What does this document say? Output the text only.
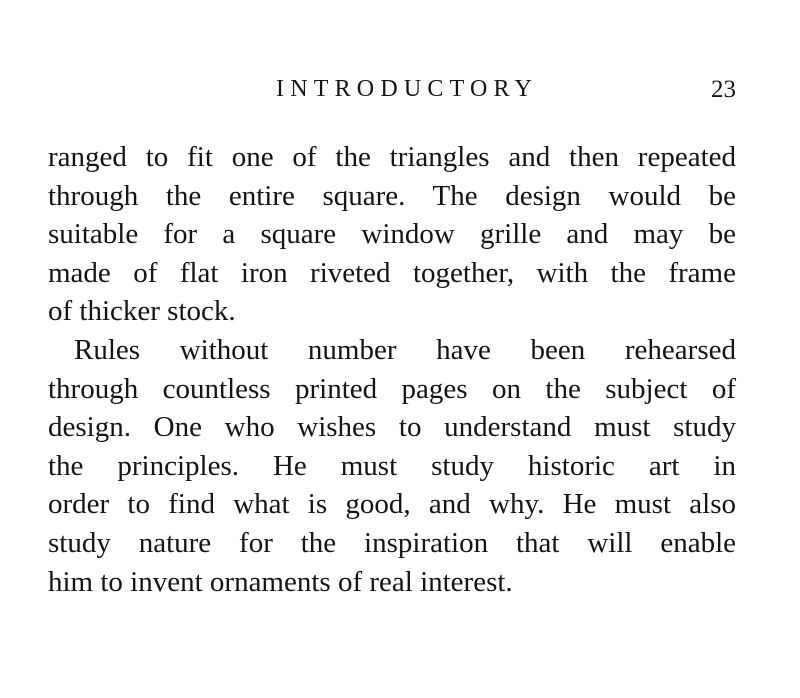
INTRODUCTORY	23
ranged to fit one of the triangles and then repeated
through the entire square. The design would be
suitable for a square window grille and may be
made of flat iron riveted together, with the frame
of thicker stock.
Rules without number have been rehearsed
through countless printed pages on the subject of
design. One who wishes to understand must study
the principles. He must study historic art in
order to find what is good, and why. He must also
study nature for the inspiration that will enable
him to invent ornaments of real interest.
